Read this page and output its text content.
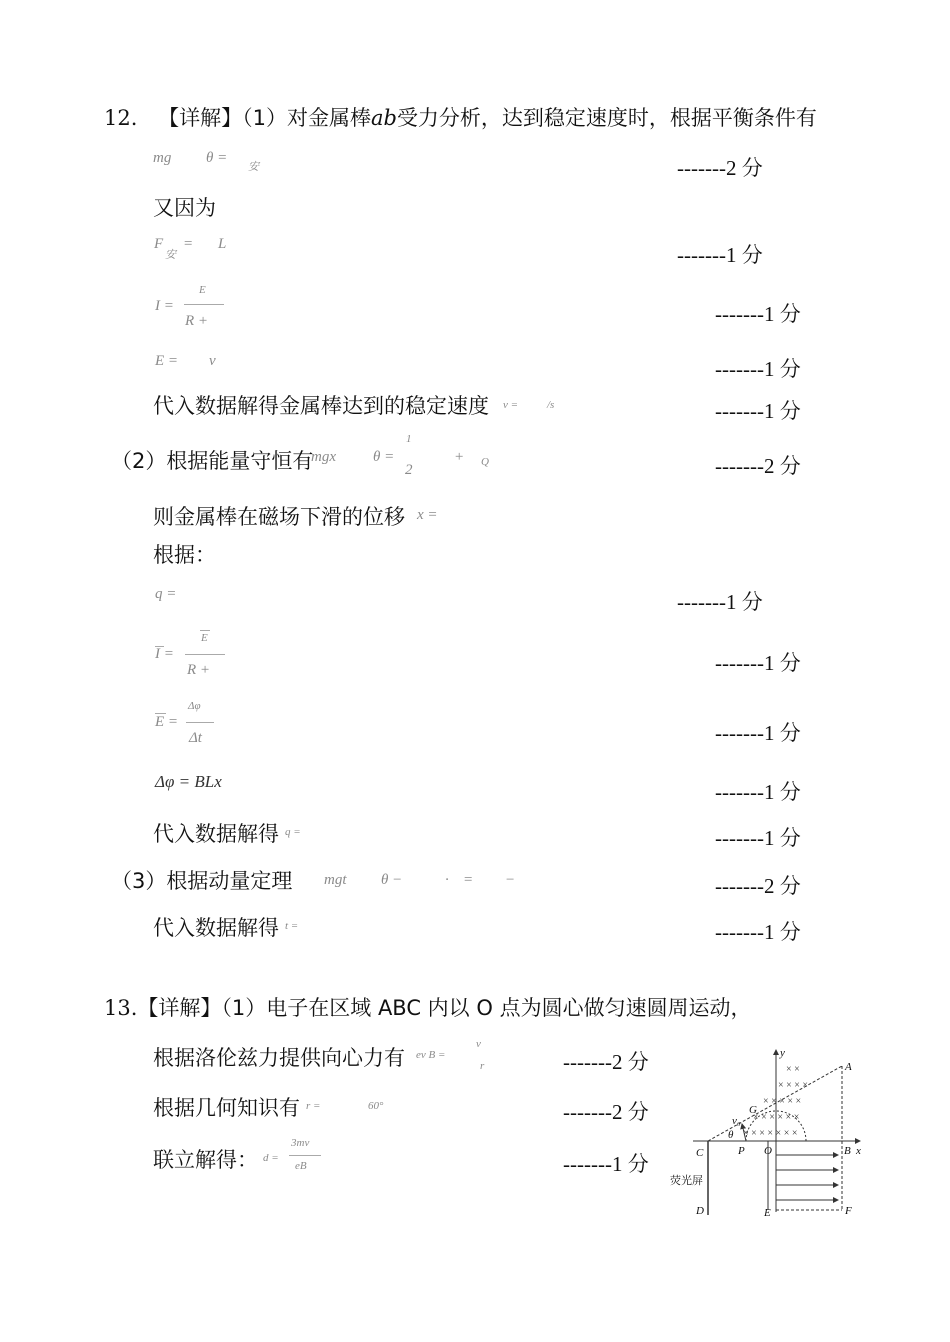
12. 【详解】（1）对金属棒ab受力分析，达到稳定速度时，根据平衡条件有
mg θ =
安	-------2 分
又因为
F
安
= L	-------1 分
I =
E
R +	-------1 分
E = v	-------1 分
代入数据解得金属棒达到的稳定速度 v =	/s	-------1 分
（2）根据能量守恒有
mgx θ =
1
2
+ Q	-------2 分
则金属棒在磁场下滑的位移 x =
根据：
q =	-------1 分
I =
E
R +	-------1 分
E =
Δφ
Δt	-------1 分
Δφ = BLx	-------1 分
代入数据解得 q =	-------1 分
（3）根据动量定理 mgt θ −	· = −	-------2 分
代入数据解得 t =	-------1 分
13.【详解】（1）电子在区域 ABC 内以 O 点为圆心做匀速圆周运动，
根据洛伦兹力提供向心力有 ev B =
v
r	-------2 分
根据几何知识有 r =	60°	-------2 分
联立解得： d =
3mv
eB	-------1 分
× × × ×
× ×
× × × × ×
× × × × × ×
× × × × × × ×
y
x
A
B
C
D	E	F
G
O
P
v₀
θ
荧光屏
